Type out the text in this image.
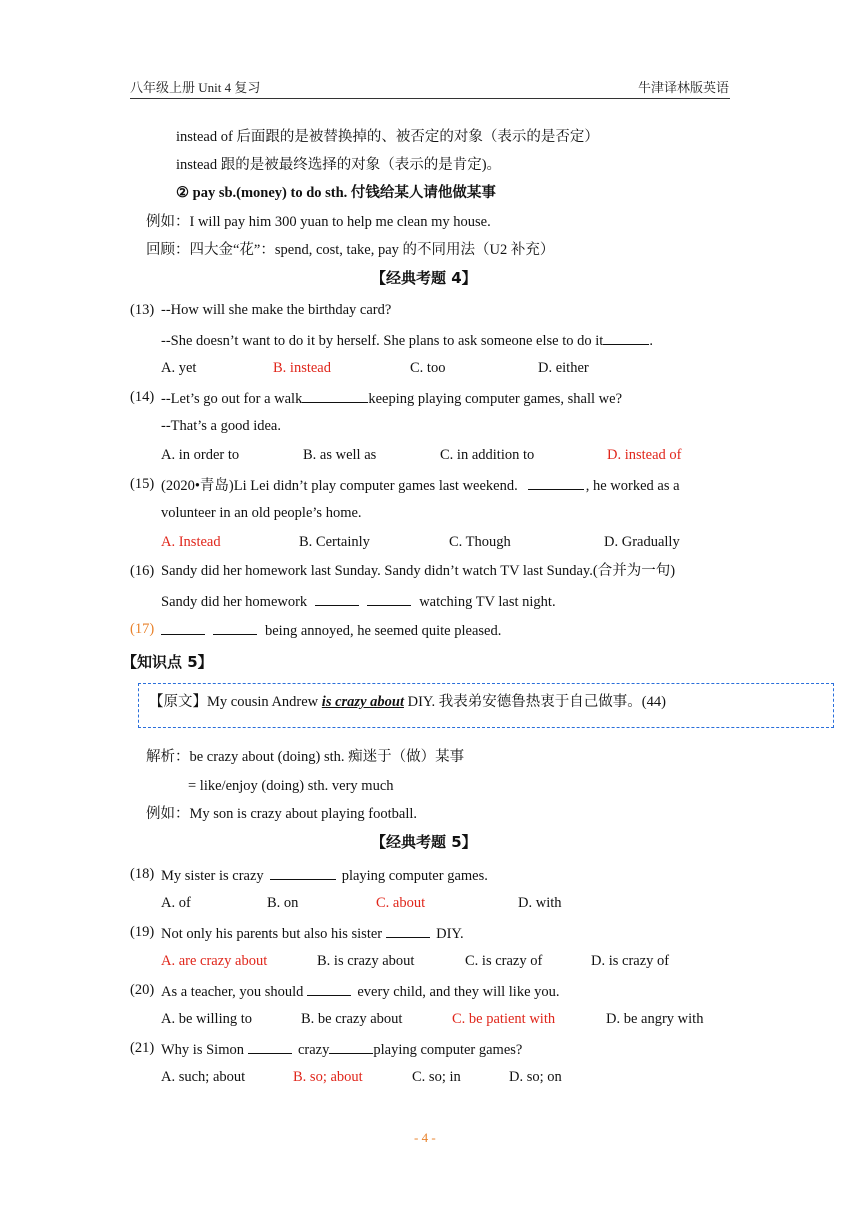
八年级上册 Unit 4 复习	牛津译林版英语
instead of 后面跟的是被替换掉的、被否定的对象（表示的是否定）
instead 跟的是被最终选择的对象（表示的是肯定)。
② pay sb.(money) to do sth. 付钱给某人请他做某事
例如：I will pay him 300 yuan to help me clean my house.
回顾：四大金“花”：spend, cost, take, pay 的不同用法（U2 补充）
【经典考题 4】
(13) --How will she make the birthday card?
--She doesn’t want to do it by herself. She plans to ask someone else to do it	.
A. yet	B. instead	C. too	D. either
(14) --Let’s go out for a walk	keeping playing computer games, shall we?
--That’s a good idea.
A. in order to	B. as well as	C. in addition to	D. instead of
(15) (2020•青岛)Li Lei didn’t play computer games last weekend.	, he worked as a
volunteer in an old people’s home.
A. Instead	B. Certainly	C. Though	D. Gradually
(16) Sandy did her homework last Sunday. Sandy didn’t watch TV last Sunday.(合并为一句)
Sandy did her homework	watching TV last night.
(17)	being annoyed, he seemed quite pleased.
【知识点 5】
【原文】My cousin Andrew is crazy about DIY. 我表弟安德鲁热衷于自己做事。(44)
解析：be crazy about (doing) sth. 痴迷于（做）某事
= like/enjoy (doing) sth. very much
例如：My son is crazy about playing football.
【经典考题 5】
(18) My sister is crazy	playing computer games.
A. of	B. on	C. about	D. with
(19) Not only his parents but also his sister	DIY.
A. are crazy about	B. is crazy about	C. is crazy of	D. is crazy of
(20) As a teacher, you should	every child, and they will like you.
A. be willing to	B. be crazy about	C. be patient with	D. be angry with
(21) Why is Simon	crazy	playing computer games?
A. such; about	B. so; about	C. so; in	D. so; on
- 4 -
